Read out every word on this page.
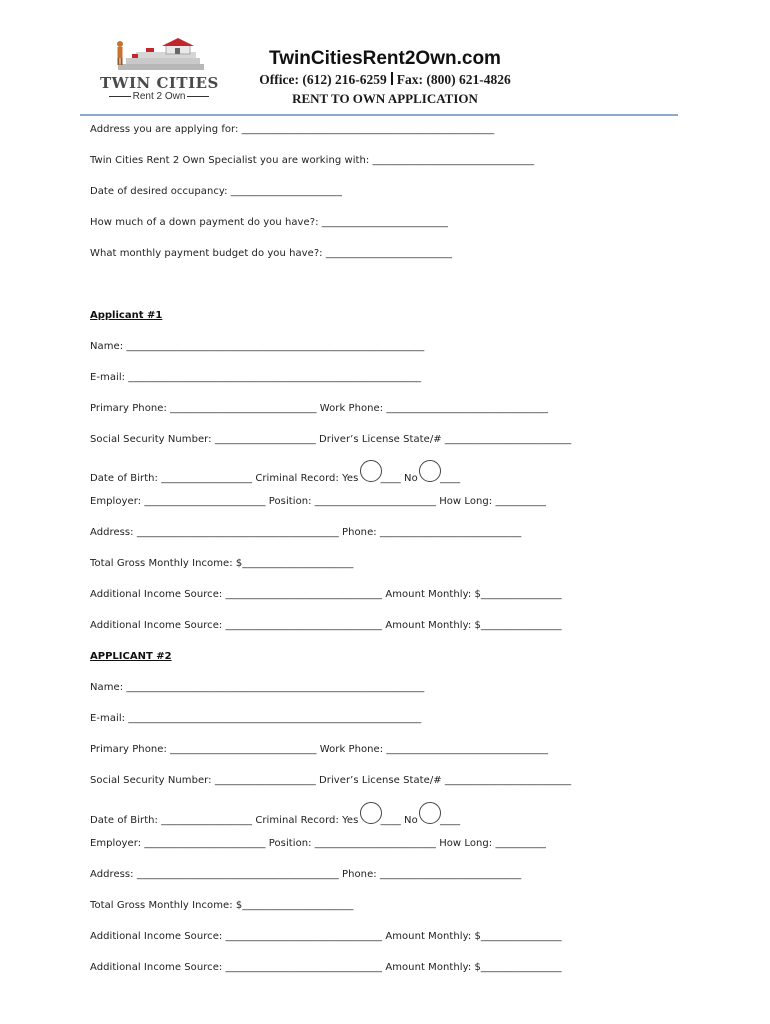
TWIN CITIES
Rent 2 Own
TwinCitiesRent2Own.com
Office: (612) 216-6259 Fax: (800) 621-4826
RENT TO OWN APPLICATION
Address you are applying for: __________________________________________________
Twin Cities Rent 2 Own Specialist you are working with: ________________________________
Date of desired occupancy: ______________________
How much of a down payment do you have?: _________________________
What monthly payment budget do you have?: _________________________
Applicant #1
Name: ___________________________________________________________
E-mail: __________________________________________________________
Primary Phone: _____________________________ Work Phone: ________________________________
Social Security Number: ____________________ Driver’s License State/# _________________________
Date of Birth: __________________ Criminal Record: Yes ____ No ____
Employer: ________________________ Position: ________________________ How Long: __________
Address: ________________________________________ Phone: ____________________________
Total Gross Monthly Income: $______________________
Additional Income Source: _______________________________ Amount Monthly: $________________
Additional Income Source: _______________________________ Amount Monthly: $________________
APPLICANT #2
Name: ___________________________________________________________
E-mail: __________________________________________________________
Primary Phone: _____________________________ Work Phone: ________________________________
Social Security Number: ____________________ Driver’s License State/# _________________________
Date of Birth: __________________ Criminal Record: Yes ____ No ____
Employer: ________________________ Position: ________________________ How Long: __________
Address: ________________________________________ Phone: ____________________________
Total Gross Monthly Income: $______________________
Additional Income Source: _______________________________ Amount Monthly: $________________
Additional Income Source: _______________________________ Amount Monthly: $________________
